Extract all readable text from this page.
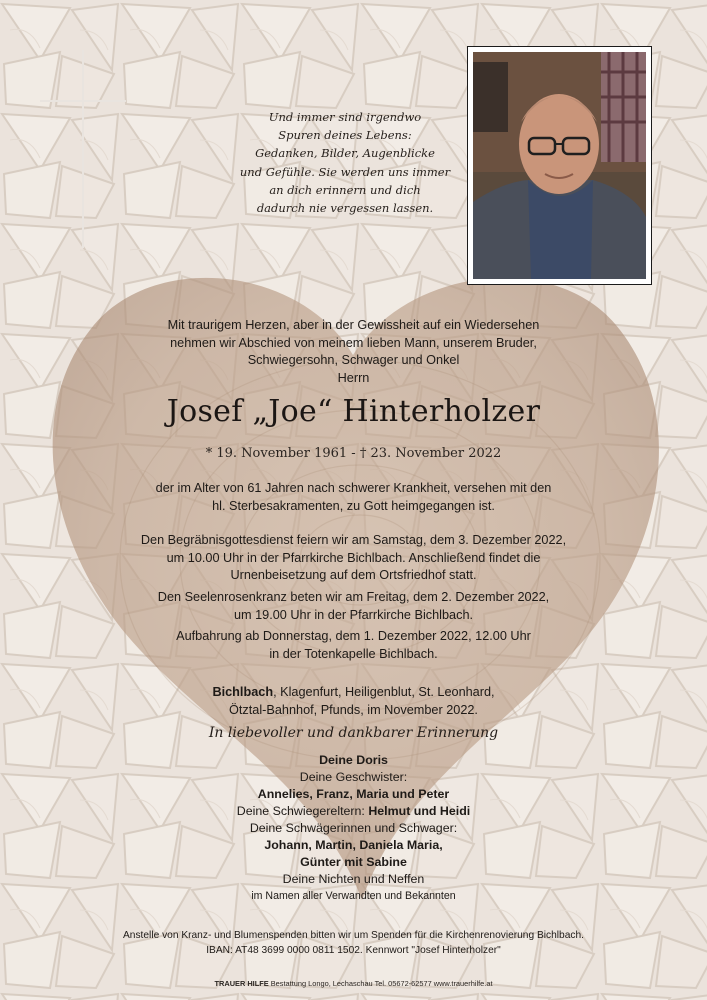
Und immer sind irgendwo
Spuren deines Lebens:
Gedanken, Bilder, Augenblicke
und Gefühle. Sie werden uns immer
an dich erinnern und dich
dadurch nie vergessen lassen.
Mit traurigem Herzen, aber in der Gewissheit auf ein Wiedersehen
nehmen wir Abschied von meinem lieben Mann, unserem Bruder,
Schwiegersohn, Schwager und Onkel
Herrn
Josef „Joe“ Hinterholzer
* 19. November 1961 - † 23. November 2022
der im Alter von 61 Jahren nach schwerer Krankheit, versehen mit den
hl. Sterbesakramenten, zu Gott heimgegangen ist.
Den Begräbnisgottesdienst feiern wir am Samstag, dem 3. Dezember 2022,
um 10.00 Uhr in der Pfarrkirche Bichlbach. Anschließend findet die
Urnenbeisetzung auf dem Ortsfriedhof statt.
Den Seelenrosenkranz beten wir am Freitag, dem 2. Dezember 2022,
um 19.00 Uhr in der Pfarrkirche Bichlbach.
Aufbahrung ab Donnerstag, dem 1. Dezember 2022, 12.00 Uhr
in der Totenkapelle Bichlbach.
Bichlbach, Klagenfurt, Heiligenblut, St. Leonhard,
Ötztal-Bahnhof, Pfunds, im November 2022.
In liebevoller und dankbarer Erinnerung
Deine Doris
Deine Geschwister:
Annelies, Franz, Maria und Peter
Deine Schwiegereltern: Helmut und Heidi
Deine Schwägerinnen und Schwager:
Johann, Martin, Daniela Maria,
Günter mit Sabine
Deine Nichten und Neffen
im Namen aller Verwandten und Bekannten
Anstelle von Kranz- und Blumenspenden bitten wir um Spenden für die Kirchenrenovierung Bichlbach.
IBAN: AT48 3699 0000 0811 1502. Kennwort "Josef Hinterholzer"
TRAUER HILFE Bestattung Longo, Lechaschau Tel. 05672-62577 www.trauerhilfe.at
